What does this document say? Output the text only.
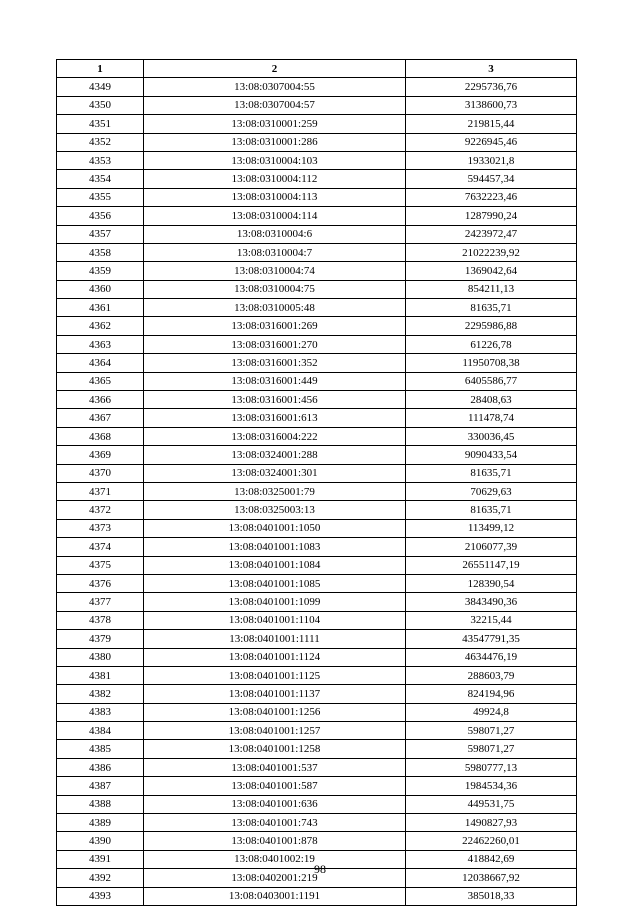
1	2	3
4349	13:08:0307004:55	2295736,76
4350	13:08:0307004:57	3138600,73
4351	13:08:0310001:259	219815,44
4352	13:08:0310001:286	9226945,46
4353	13:08:0310004:103	1933021,8
4354	13:08:0310004:112	594457,34
4355	13:08:0310004:113	7632223,46
4356	13:08:0310004:114	1287990,24
4357	13:08:0310004:6	2423972,47
4358	13:08:0310004:7	21022239,92
4359	13:08:0310004:74	1369042,64
4360	13:08:0310004:75	854211,13
4361	13:08:0310005:48	81635,71
4362	13:08:0316001:269	2295986,88
4363	13:08:0316001:270	61226,78
4364	13:08:0316001:352	11950708,38
4365	13:08:0316001:449	6405586,77
4366	13:08:0316001:456	28408,63
4367	13:08:0316001:613	111478,74
4368	13:08:0316004:222	330036,45
4369	13:08:0324001:288	9090433,54
4370	13:08:0324001:301	81635,71
4371	13:08:0325001:79	70629,63
4372	13:08:0325003:13	81635,71
4373	13:08:0401001:1050	113499,12
4374	13:08:0401001:1083	2106077,39
4375	13:08:0401001:1084	26551147,19
4376	13:08:0401001:1085	128390,54
4377	13:08:0401001:1099	3843490,36
4378	13:08:0401001:1104	32215,44
4379	13:08:0401001:1111	43547791,35
4380	13:08:0401001:1124	4634476,19
4381	13:08:0401001:1125	288603,79
4382	13:08:0401001:1137	824194,96
4383	13:08:0401001:1256	49924,8
4384	13:08:0401001:1257	598071,27
4385	13:08:0401001:1258	598071,27
4386	13:08:0401001:537	5980777,13
4387	13:08:0401001:587	1984534,36
4388	13:08:0401001:636	449531,75
4389	13:08:0401001:743	1490827,93
4390	13:08:0401001:878	22462260,01
4391	13:08:0401002:19	418842,69
4392	13:08:0402001:219	12038667,92
4393	13:08:0403001:1191	385018,33
98
